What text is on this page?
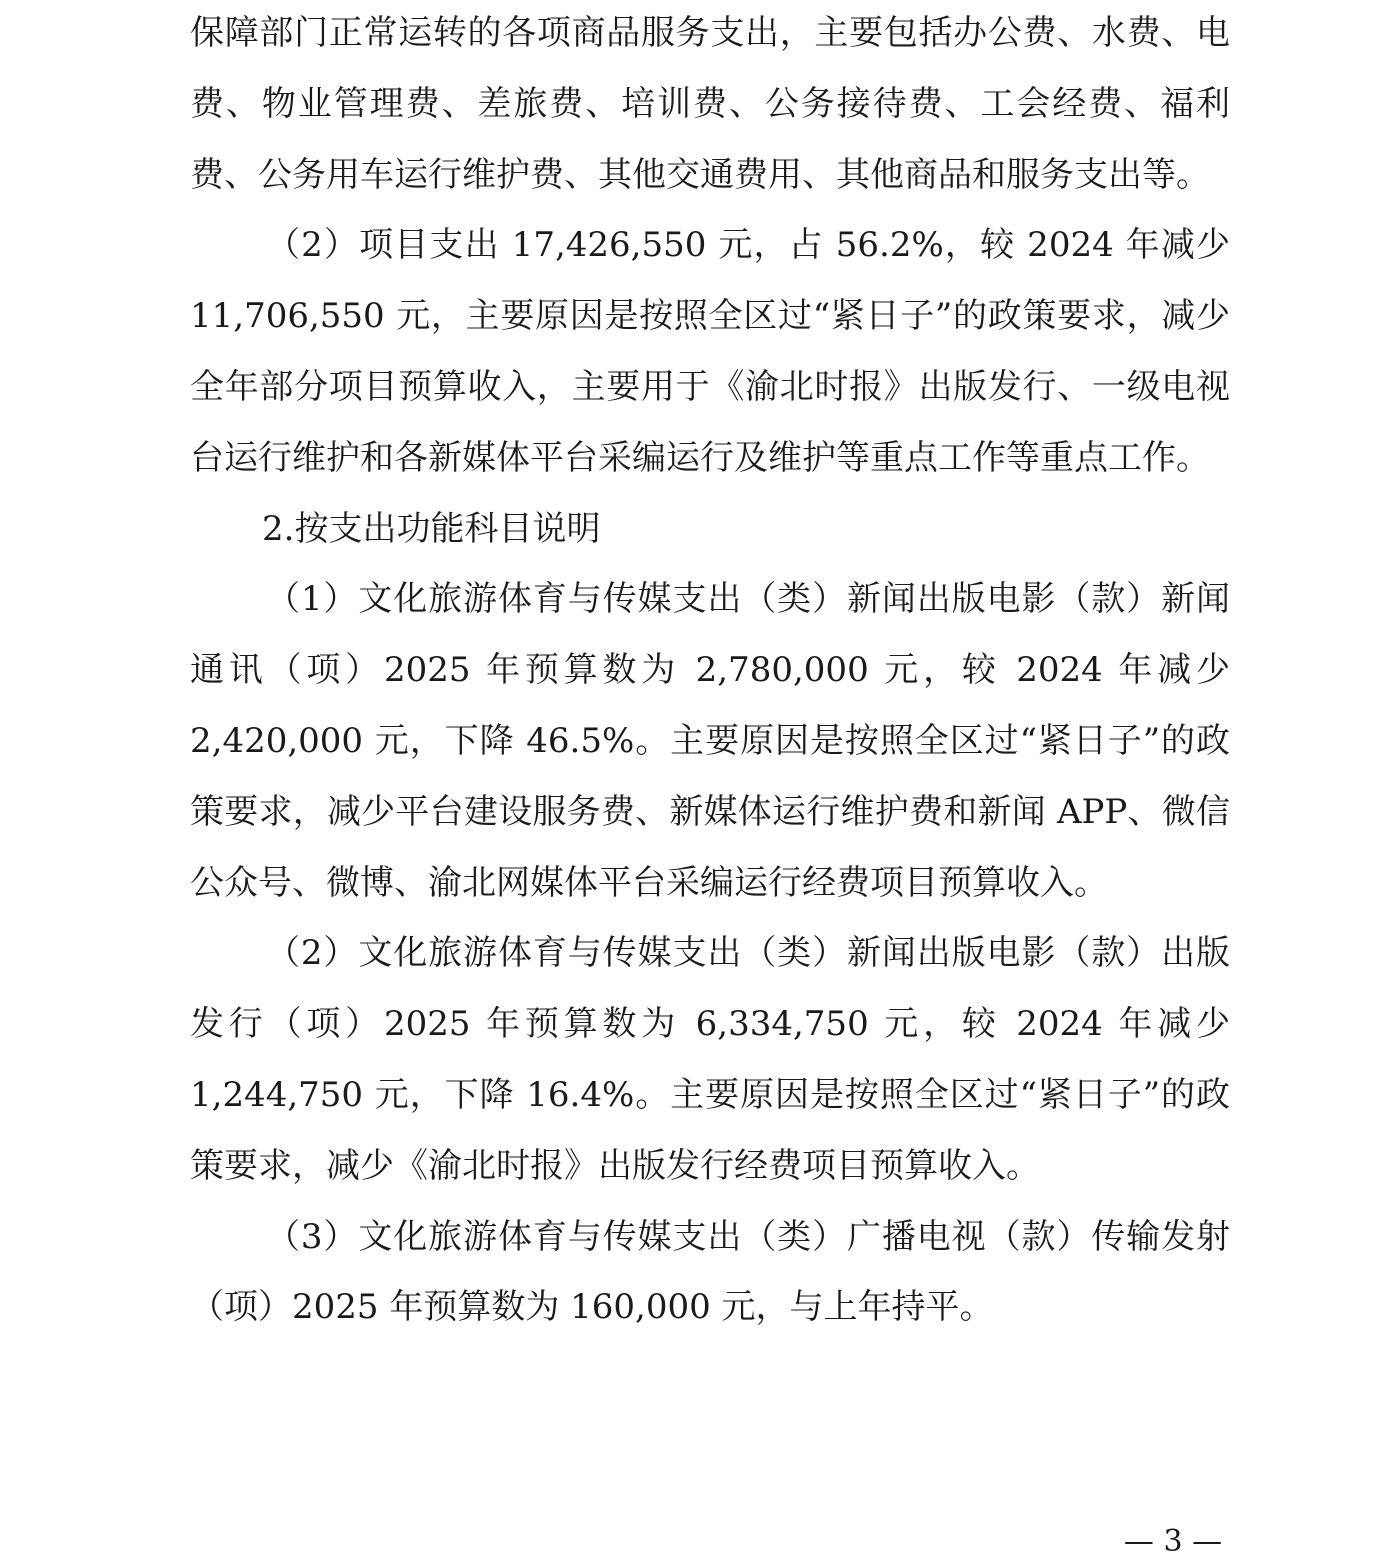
保障部门正常运转的各项商品服务支出，主要包括办公费、水费、电费、物业管理费、差旅费、培训费、公务接待费、工会经费、福利费、公务用车运行维护费、其他交通费用、其他商品和服务支出等。

（2）项目支出 17,426,550 元，占 56.2%，较 2024 年减少11,706,550 元，主要原因是按照全区过“紧日子”的政策要求，减少全年部分项目预算收入，主要用于《渝北时报》出版发行、一级电视台运行维护和各新媒体平台采编运行及维护等重点工作等重点工作。

2.按支出功能科目说明

（1）文化旅游体育与传媒支出（类）新闻出版电影（款）新闻通讯（项）2025 年预算数为 2,780,000 元，较 2024 年减少2,420,000 元，下降 46.5%。主要原因是按照全区过“紧日子”的政策要求，减少平台建设服务费、新媒体运行维护费和新闻 APP、微信公众号、微博、渝北网媒体平台采编运行经费项目预算收入。

（2）文化旅游体育与传媒支出（类）新闻出版电影（款）出版发行（项）2025 年预算数为 6,334,750 元，较 2024 年减少1,244,750 元，下降 16.4%。主要原因是按照全区过“紧日子”的政策要求，减少《渝北时报》出版发行经费项目预算收入。

（3）文化旅游体育与传媒支出（类）广播电视（款）传输发射（项）2025 年预算数为 160,000 元，与上年持平。

— 3 —
